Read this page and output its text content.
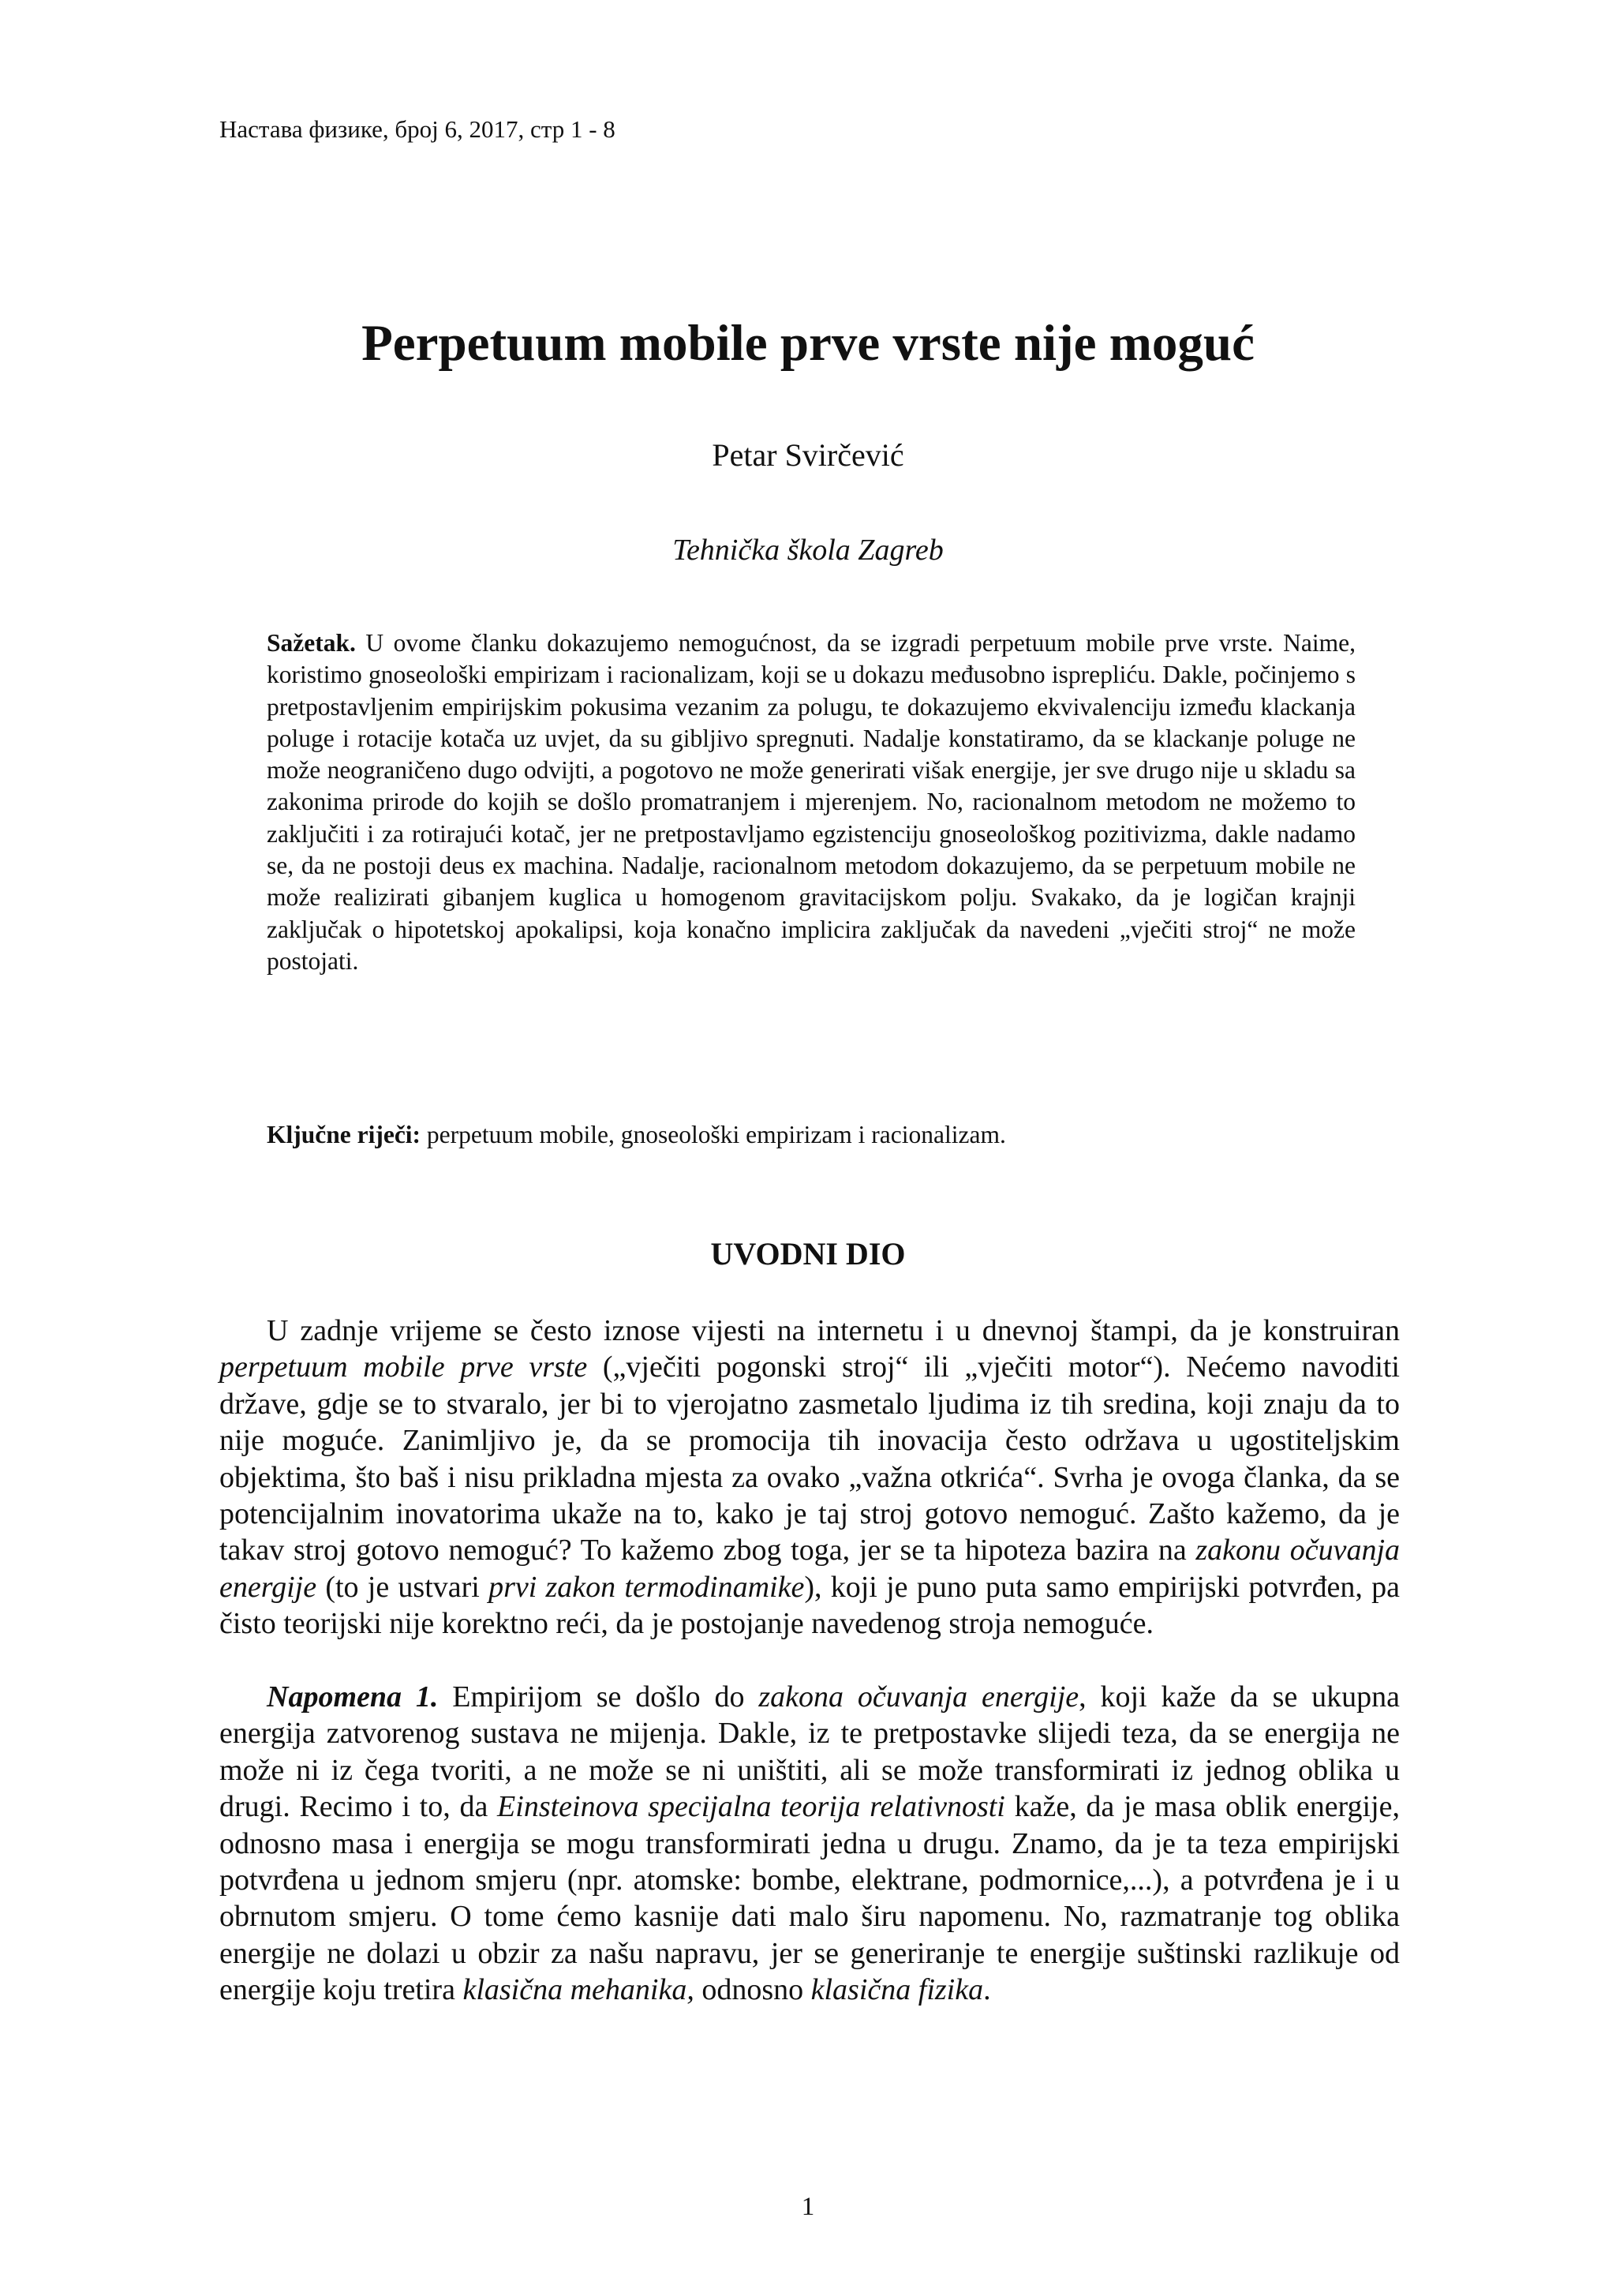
Настава физике, број 6, 2017, стр 1 - 8
Perpetuum mobile prve vrste nije moguć
Petar Svirčević
Tehnička škola Zagreb

Sažetak. U ovome članku dokazujemo nemogućnost, da se izgradi perpetuum mobile prve vrste. Naime, koristimo gnoseološki empirizam i racionalizam, koji se u dokazu međusobno isprepliću. Dakle, počinjemo s pretpostavljenim empirijskim pokusima vezanim za polugu, te dokazujemo ekvivalenciju između klackanja poluge i rotacije kotača uz uvjet, da su gibljivo spregnuti. Nadalje konstatiramo, da se klackanje poluge ne može neograničeno dugo odvijti, a pogotovo ne može generirati višak energije, jer sve drugo nije u skladu sa zakonima prirode do kojih se došlo promatranjem i mjerenjem. No, racionalnom metodom ne možemo to zaključiti i za rotirajući kotač, jer ne pretpostavljamo egzistenciju gnoseološkog pozitivizma, dakle nadamo se, da ne postoji deus ex machina. Nadalje, racionalnom metodom dokazujemo, da se perpetuum mobile ne može realizirati gibanjem kuglica u homogenom gravitacijskom polju. Svakako, da je logičan krajnji zaključak o hipotetskoj apokalipsi, koja konačno implicira zaključak da navedeni „vječiti stroj“ ne može postojati.

Ključne riječi: perpetuum mobile, gnoseološki empirizam i racionalizam.

UVODNI DIO

U zadnje vrijeme se često iznose vijesti na internetu i u dnevnoj štampi, da je konstruiran perpetuum mobile prve vrste („vječiti pogonski stroj“ ili „vječiti motor“). Nećemo navoditi države, gdje se to stvaralo, jer bi to vjerojatno zasmetalo ljudima iz tih sredina, koji znaju da to nije moguće. Zanimljivo je, da se promocija tih inovacija često održava u ugostiteljskim objektima, što baš i nisu prikladna mjesta za ovako „važna otkrića“. Svrha je ovoga članka, da se potencijalnim inovatorima ukaže na to, kako je taj stroj gotovo nemoguć. Zašto kažemo, da je takav stroj gotovo nemoguć? To kažemo zbog toga, jer se ta hipoteza bazira na zakonu očuvanja energije (to je ustvari prvi zakon termodinamike), koji je puno puta samo empirijski potvrđen, pa čisto teorijski nije korektno reći, da je postojanje navedenog stroja nemoguće.

Napomena 1. Empirijom se došlo do zakona očuvanja energije, koji kaže da se ukupna energija zatvorenog sustava ne mijenja. Dakle, iz te pretpostavke slijedi teza, da se energija ne može ni iz čega tvoriti, a ne može se ni uništiti, ali se može transformirati iz jednog oblika u drugi. Recimo i to, da Einsteinova specijalna teorija relativnosti kaže, da je masa oblik energije, odnosno masa i energija se mogu transformirati jedna u drugu. Znamo, da je ta teza empirijski potvrđena u jednom smjeru (npr. atomske: bombe, elektrane, podmornice,...), a potvrđena je i u obrnutom smjeru. O tome ćemo kasnije dati malo širu napomenu. No, razmatranje tog oblika energije ne dolazi u obzir za našu napravu, jer se generiranje te energije suštinski razlikuje od energije koju tretira klasična mehanika, odnosno klasična fizika.

1
